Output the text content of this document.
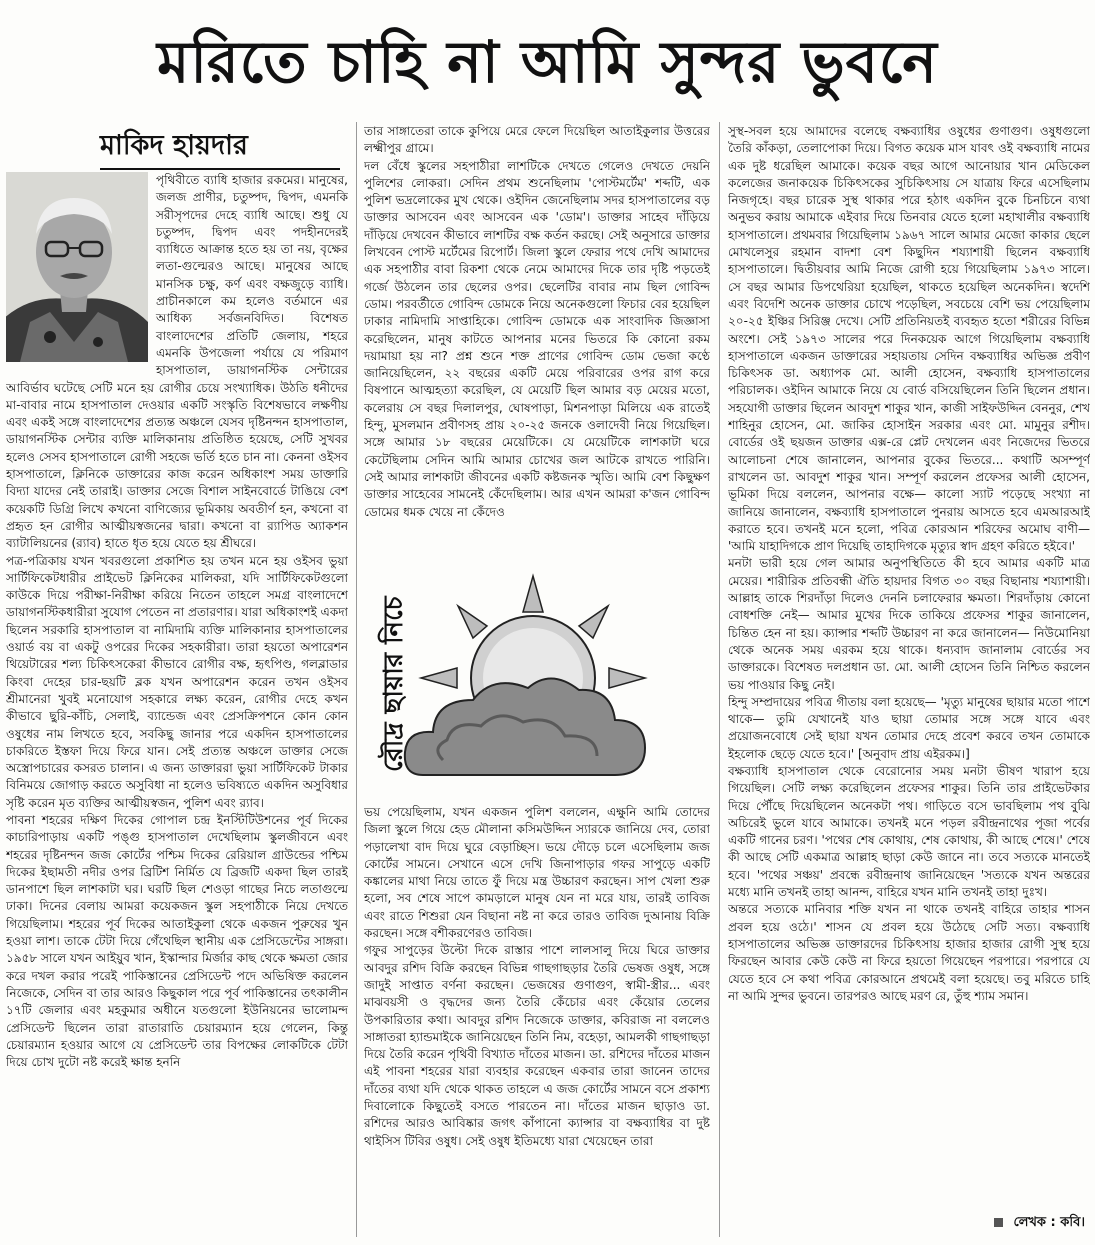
মরিতে চাহি না আমি সুন্দর ভুবনে
মাকিদ হায়দার

পৃথিবীতে ব্যাধি হাজার রকমের। মানুষের, জলজ প্রাণীর, চতুষ্পদ, দ্বিপদ, এমনকি সরীসৃপদের দেহে ব্যাধি আছে। শুধু যে চতুষ্পদ, দ্বিপদ এবং পদহীনদেরই ব্যাধিতে আক্রান্ত হতে হয় তা নয়, বৃক্ষের লতা-গুল্মেরও আছে। মানুষের আছে মানসিক চক্ষু, কর্ণ এবং বক্ষজুড়ে ব্যাধি। প্রাচীনকালে কম হলেও বর্তমানে এর আধিক্য সর্বজনবিদিত। বিশেষত বাংলাদেশের প্রতিটি জেলায়, শহরে এমনকি উপজেলা পর্যায়ে যে পরিমাণ হাসপাতাল, ডায়াগনস্টিক সেন্টারের আবির্ভাব ঘটেছে সেটি মনে হয় রোগীর চেয়ে সংখ্যাধিক। উঠতি ধনীদের মা-বাবার নামে হাসপাতাল দেওয়ার একটি সংস্কৃতি বিশেষভাবে লক্ষণীয় এবং একই সঙ্গে বাংলাদেশের প্রত্যন্ত অঞ্চলে যেসব দৃষ্টিনন্দন হাসপাতাল, ডায়াগনস্টিক সেন্টার ব্যক্তি মালিকানায় প্রতিষ্ঠিত হয়েছে, সেটি সুখবর হলেও সেসব হাসপাতালে রোগী সহজে ভর্তি হতে চান না। কেননা ওইসব হাসপাতালে, ক্লিনিকে ডাক্তারের কাজ করেন অধিকাংশ সময় ডাক্তারি বিদ্যা যাদের নেই তারাই। ডাক্তার সেজে বিশাল সাইনবোর্ডে টাঙিয়ে বেশ কয়েকটি ডিগ্রি লিখে কখনো বাণিজ্যের ভূমিকায় অবতীর্ণ হন, কখনো বা প্রহৃত হন রোগীর আত্মীয়স্বজনের দ্বারা। কখনো বা র‍্যাপিড অ্যাকশন ব্যাটালিয়নের (র‍্যাব) হাতে ধৃত হয়ে যেতে হয় শ্রীঘরে।

পত্র-পত্রিকায় যখন খবরগুলো প্রকাশিত হয় তখন মনে হয় ওইসব ভুয়া সার্টিফিকেটধারীর প্রাইভেট ক্লিনিকের মালিকরা, যদি সার্টিফিকেটগুলো কাউকে দিয়ে পরীক্ষা-নিরীক্ষা করিয়ে নিতেন তাহলে সমগ্র বাংলাদেশে ডায়াগনস্টিকধারীরা সুযোগ পেতেন না প্রতারণার। যারা অধিকাংশই একদা ছিলেন সরকারি হাসপাতাল বা নামিদামি ব্যক্তি মালিকানার হাসপাতালের ওয়ার্ড বয় বা একটু ওপরের দিকের সহকারীরা। তারা হয়তো অপারেশন থিয়েটারের শল্য চিকিৎসকেরা কীভাবে রোগীর বক্ষ, হৃৎপিণ্ড, গলব্লাডার কিংবা দেহের চার-ছয়টি ব্লক যখন অপারেশন করেন তখন ওইসব শ্রীমানেরা খুবই মনোযোগ সহকারে লক্ষ্য করেন, রোগীর দেহে কখন কীভাবে ছুরি-কাঁচি, সেলাই, ব্যান্ডেজ এবং প্রেসক্রিপশনে কোন কোন ওষুধের নাম লিখতে হবে, সবকিছু জানার পরে একদিন হাসপাতালের চাকরিতে ইস্তফা দিয়ে ফিরে যান। সেই প্রত্যন্ত অঞ্চলে ডাক্তার সেজে অস্ত্রোপচারের কসরত চালান। এ জন্য ডাক্তাররা ভুয়া সার্টিফিকেট টাকার বিনিময়ে জোগাড় করতে অসুবিধা না হলেও ভবিষ্যতে একদিন অসুবিধার সৃষ্টি করেন মৃত ব্যক্তির আত্মীয়স্বজন, পুলিশ এবং র‍্যাব।

পাবনা শহরের দক্ষিণ দিকের গোপাল চন্দ্র ইনস্টিটিউশনের পূর্ব দিকের কাচারিপাড়ায় একটি পঙ্গু হাসপাতাল দেখেছিলাম স্কুলজীবনে এবং শহরের দৃষ্টিনন্দন জজ কোর্টের পশ্চিম দিকের রেরিয়াল গ্রাউন্ডের পশ্চিম দিকের ইছামতী নদীর ওপর ব্রিটিশ নির্মিত যে ব্রিজটি একদা ছিল তারই ডানপাশে ছিল লাশকাটা ঘর। ঘরটি ছিল শেওড়া গাছের নিচে লতাগুল্মে ঢাকা। দিনের বেলায় আমরা কয়েকজন স্কুল সহপাঠীকে নিয়ে দেখতে গিয়েছিলাম। শহরের পূর্ব দিকের আতাইকুলা থেকে একজন পুরুষের খুন হওয়া লাশ। তাকে টেটা দিয়ে গেঁথেছিল স্থানীয় এক প্রেসিডেন্টের সাঙ্গরা। ১৯৫৮ সালে যখন আইয়ুব খান, ইস্কান্দার মির্জার কাছ থেকে ক্ষমতা জোর করে দখল করার পরেই পাকিস্তানের প্রেসিডেন্ট পদে অভিষিক্ত করলেন নিজেকে, সেদিন বা তার আরও কিছুকাল পরে পূর্ব পাকিস্তানের তৎকালীন ১৭টি জেলার এবং মহকুমার অধীনে যতগুলো ইউনিয়নের ভালোমন্দ প্রেসিডেন্ট ছিলেন তারা রাতারাতি চেয়ারম্যান হয়ে গেলেন, কিন্তু চেয়ারম্যান হওয়ার আগে যে প্রেসিডেন্ট তার বিপক্ষের লোকটিকে টেটা দিয়ে চোখ দুটো নষ্ট করেই ক্ষান্ত হননি

তার সাঙ্গাতেরা তাকে কুপিয়ে মেরে ফেলে দিয়েছিল আতাইকুলার উত্তরের লক্ষ্মীপুর গ্রামে।

দল বেঁধে স্কুলের সহপাঠীরা লাশটিকে দেখতে গেলেও দেখতে দেয়নি পুলিশের লোকরা। সেদিন প্রথম শুনেছিলাম 'পোস্টমর্টেম' শব্দটি, এক পুলিশ ভদ্রলোকের মুখ থেকে। ওইদিন জেনেছিলাম সদর হাসপাতালের বড় ডাক্তার আসবেন এবং আসবেন এক 'ডোম'। ডাক্তার সাহেব দাঁড়িয়ে দাঁড়িয়ে দেখবেন কীভাবে লাশটির বক্ষ কর্তন করছে। সেই অনুসারে ডাক্তার লিখবেন পোস্ট মর্টেমের রিপোর্ট। জিলা স্কুলে ফেরার পথে দেখি আমাদের এক সহপাঠীর বাবা রিকশা থেকে নেমে আমাদের দিকে তার দৃষ্টি পড়তেই গর্জে উঠলেন তার ছেলের ওপর। ছেলেটির বাবার নাম ছিল গোবিন্দ ডোম। পরবর্তীতে গোবিন্দ ডোমকে নিয়ে অনেকগুলো ফিচার বের হয়েছিল ঢাকার নামিদামি সাপ্তাহিকে। গোবিন্দ ডোমকে এক সাংবাদিক জিজ্ঞাসা করেছিলেন, মানুষ কাটতে আপনার মনের ভিতরে কি কোনো রকম দয়ামায়া হয় না? প্রশ্ন শুনে শক্ত প্রাণের গোবিন্দ ডোম ভেজা কণ্ঠে জানিয়েছিলেন, ২২ বছরের একটি মেয়ে পরিবারের ওপর রাগ করে বিষপানে আত্মহত্যা করেছিল, যে মেয়েটি ছিল আমার বড় মেয়ের মতো, কলেরায় সে বছর দিলালপুর, ঘোষপাড়া, মিশনপাড়া মিলিয়ে এক রাতেই হিন্দু, মুসলমান প্রবীণসহ প্রায় ২০-২৫ জনকে ওলাদেবী নিয়ে গিয়েছিল। সঙ্গে আমার ১৮ বছরের মেয়েটিকে। যে মেয়েটিকে লাশকাটা ঘরে কেটেছিলাম সেদিন আমি আমার চোখের জল আটকে রাখতে পারিনি। সেই আমার লাশকাটা জীবনের একটি কষ্টজনক স্মৃতি। আমি বেশ কিছুক্ষণ ডাক্তার সাহেবের সামনেই কেঁদেছিলাম। আর এখন আমরা ক'জন গোবিন্দ ডোমের ধমক খেয়ে না কেঁদেও

রৌদ্র ছায়ার নিচে

ভয় পেয়েছিলাম, যখন একজন পুলিশ বললেন, এক্ষুনি আমি তোদের জিলা স্কুলে গিয়ে হেড মৌলানা কসিমউদ্দিন স্যারকে জানিয়ে দেব, তোরা পড়ালেখা বাদ দিয়ে ঘুরে বেড়াচ্ছিস। ভয়ে দৌড়ে চলে এসেছিলাম জজ কোর্টের সামনে। সেখানে এসে দেখি জিনাপাড়ার গফর সাপুড়ে একটি কঙ্কালের মাথা নিয়ে তাতে ফুঁ দিয়ে মন্ত্র উচ্চারণ করছেন। সাপ খেলা শুরু হলো, সব শেষে সাপে কামড়ালে মানুষ যেন না মরে যায়, তারই তাবিজ এবং রাতে শিশুরা যেন বিছানা নষ্ট না করে তারও তাবিজ দুআনায় বিক্রি করছেন। সঙ্গে বশীকরণেরও তাবিজ।

গফুর সাপুড়ের উল্টো দিকে রাস্তার পাশে লালসালু দিয়ে ঘিরে ডাক্তার আবদুর রশিদ বিক্রি করছেন বিভিন্ন গাছগাছড়ার তৈরি ভেষজ ওষুধ, সঙ্গে জাদুই সাপ্তাত বর্ণনা করছেন। ভেজষের গুণাগুণ, স্বামী-স্ত্রীর... এবং মাঝবয়সী ও বৃদ্ধদের জন্য তৈরি কেঁচোর এবং কেঁয়োর তেলের উপকারিতার কথা। আবদুর রশিদ নিজেকে ডাক্তার, কবিরাজ না বললেও সাঙ্গাতরা হ্যান্ডমাইকে জানিয়েছেন তিনি নিম, বহেড়া, আমলকী গাছগাছড়া দিয়ে তৈরি করেন পৃথিবী বিখ্যাত দাঁতের মাজন। ডা. রশিদের দাঁতের মাজন এই পাবনা শহরের যারা ব্যবহার করেছেন একবার তারা জানেন তাদের দাঁতের ব্যথা যদি থেকে থাকত তাহলে এ জজ কোর্টের সামনে বসে প্রকাশ্য দিবালোকে কিছুতেই বসতে পারতেন না। দাঁতের মাজন ছাড়াও ডা. রশিদের আরও আবিষ্কার জগৎ কাঁপানো ক্যান্সার বা বক্ষব্যাধির বা দুষ্ট থাইসিস টিবির ওষুধ। সেই ওষুধ ইতিমধ্যে যারা খেয়েছেন তারা

সুস্থ-সবল হয়ে আমাদের বলেছে বক্ষব্যাধির ওষুধের গুণাগুণ। ওষুধগুলো তৈরি কাঁকড়া, তেলাপোকা দিয়ে। বিগত কয়েক মাস যাবৎ ওই বক্ষব্যাধি নামের এক দুষ্ট ধরেছিল আমাকে। কয়েক বছর আগে আনোয়ার খান মেডিকেল কলেজের জনাকয়েক চিকিৎসকের সুচিকিৎসায় সে যাত্রায় ফিরে এসেছিলাম নিজগৃহে। বছর চারেক সুস্থ থাকার পরে হঠাৎ একদিন বুকে চিনচিনে ব্যথা অনুভব করায় আমাকে এইবার দিয়ে তিনবার যেতে হলো মহাখালীর বক্ষব্যাধি হাসপাতালে। প্রথমবার গিয়েছিলাম ১৯৬৭ সালে আমার মেজো কাকার ছেলে মোখলেসুর রহমান বাদশা বেশ কিছুদিন শয্যাশায়ী ছিলেন বক্ষব্যাধি হাসপাতালে। দ্বিতীয়বার আমি নিজে রোগী হয়ে গিয়েছিলাম ১৯৭৩ সালে। সে বছর আমার ডিপথেরিয়া হয়েছিল, থাকতে হয়েছিল অনেকদিন। স্বদেশি এবং বিদেশি অনেক ডাক্তার চোখে পড়েছিল, সবচেয়ে বেশি ভয় পেয়েছিলাম ২০-২৫ ইঞ্চির সিরিঞ্জ দেখে। সেটি প্রতিনিয়তই ব্যবহৃত হতো শরীরের বিভিন্ন অংশে। সেই ১৯৭৩ সালের পরে দিনকয়েক আগে গিয়েছিলাম বক্ষব্যাধি হাসপাতালে একজন ডাক্তারের সহায়তায় সেদিন বক্ষব্যাধির অভিজ্ঞ প্রবীণ চিকিৎসক ডা. অধ্যাপক মো. আলী হোসেন, বক্ষব্যাধি হাসপাতালের পরিচালক। ওইদিন আমাকে নিয়ে যে বোর্ড বসিয়েছিলেন তিনি ছিলেন প্রধান। সহযোগী ডাক্তার ছিলেন আবদুশ শাকুর খান, কাজী সাইফউদ্দিন বেননুর, শেখ শাহিনুর হোসেন, মো. জাকির হোসাইন সরকার এবং মো. মামুনুর রশীদ। বোর্ডের ওই ছয়জন ডাক্তার এক্স-রে প্লেট দেখলেন এবং নিজেদের ভিতরে আলোচনা শেষে জানালেন, আপনার বুকের ভিতরে... কথাটি অসম্পূর্ণ রাখলেন ডা. আবদুশ শাকুর খান। সম্পূর্ণ করলেন প্রফেসর আলী হোসেন, ভূমিকা দিয়ে বললেন, আপনার বক্ষে— কালো স্যাট পড়েছে সংখ্যা না জানিয়ে জানালেন, বক্ষব্যাধি হাসপাতালে পুনরায় আসতে হবে এমআরআই করাতে হবে। তখনই মনে হলো, পবিত্র কোরআন শরিফের অমোঘ বাণী— 'আমি যাহাদিগকে প্রাণ দিয়েছি তাহাদিগকে মৃত্যুর স্বাদ গ্রহণ করিতে হইবে।'

মনটা ভারী হয়ে গেল আমার অনুপস্থিতিতে কী হবে আমার একটি মাত্র মেয়ের। শারীরিক প্রতিবন্ধী ঐতি হায়দার বিগত ৩০ বছর বিছানায় শয্যাশায়ী। আল্লাহ তাকে শিরদাঁড়া দিলেও দেননি চলাফেরার ক্ষমতা। শিরদাঁড়ায় কোনো বোধশক্তি নেই— আমার মুখের দিকে তাকিয়ে প্রফেসর শাকুর জানালেন, চিন্তিত হেন না হয়। ক্যান্সার শব্দটি উচ্চারণ না করে জানালেন— নিউমোনিয়া থেকে অনেক সময় এরকম হয়ে থাকে। ধন্যবাদ জানালাম বোর্ডের সব ডাক্তারকে। বিশেষত দলপ্রধান ডা. মো. আলী হোসেন তিনি নিশ্চিত করলেন ভয় পাওয়ার কিছু নেই।

হিন্দু সম্প্রদায়ের পবিত্র গীতায় বলা হয়েছে— 'মৃত্যু মানুষের ছায়ার মতো পাশে থাকে— তুমি যেখানেই যাও ছায়া তোমার সঙ্গে সঙ্গে যাবে এবং প্রয়োজনবোধে সেই ছায়া যখন তোমার দেহে প্রবেশ করবে তখন তোমাকে ইহলোক ছেড়ে যেতে হবে।' [অনুবাদ প্রায় এইরকম।]

বক্ষব্যাধি হাসপাতাল থেকে বেরোনোর সময় মনটা ভীষণ খারাপ হয়ে গিয়েছিল। সেটি লক্ষ্য করেছিলেন প্রফেসর শাকুর। তিনি তার প্রাইভেটকার দিয়ে পৌঁছে দিয়েছিলেন অনেকটা পথ। গাড়িতে বসে ভাবছিলাম পথ বুঝি অচিরেই ভুলে যাবে আমাকে। তখনই মনে পড়ল রবীন্দ্রনাথের পূজা পর্বের একটি গানের চরণ। 'পথের শেষ কোথায়, শেষ কোথায়, কী আছে শেষে।' শেষে কী আছে সেটি একমাত্র আল্লাহ ছাড়া কেউ জানে না। তবে সত্যকে মানতেই হবে। 'পথের সঞ্চয়' প্রবন্ধে রবীন্দ্রনাথ জানিয়েছেন 'সত্যকে যখন অন্তরের মধ্যে মানি তখনই তাহা আনন্দ, বাহিরে যখন মানি তখনই তাহা দুঃখ।

অন্তরে সত্যকে মানিবার শক্তি যখন না থাকে তখনই বাহিরে তাহার শাসন প্রবল হয়ে ওঠে।' শাসন যে প্রবল হয়ে উঠেছে সেটি সত্য। বক্ষব্যাধি হাসপাতালের অভিজ্ঞ ডাক্তারদের চিকিৎসায় হাজার হাজার রোগী সুস্থ হয়ে ফিরছেন আবার কেউ কেউ না ফিরে হয়তো গিয়েছেন পরপারে। পরপারে যে যেতে হবে সে কথা পবিত্র কোরআনে প্রথমেই বলা হয়েছে। তবু মরিতে চাহি না আমি সুন্দর ভুবনে। তারপরও আছে মরণ রে, তুঁহু শ্যাম সমান।

লেখক : কবি।
